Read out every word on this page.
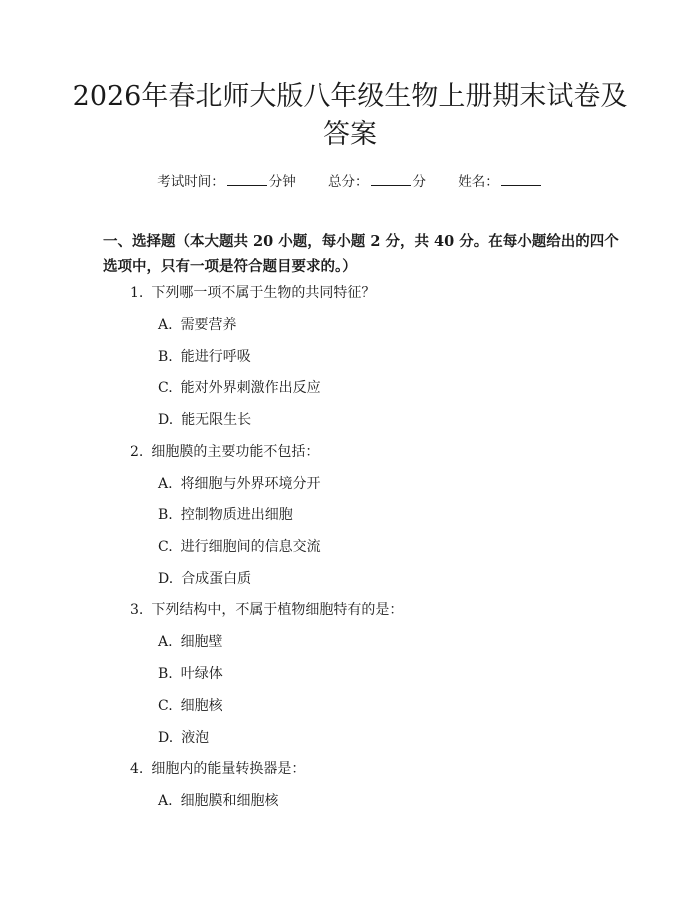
2026年春北师大版八年级生物上册期末试卷及答案
考试时间：	分钟 总分：	分 姓名：

一、选择题（本大题共 20 小题，每小题 2 分，共 40 分。在每小题给出的四个选项中，只有一项是符合题目要求的。）

1. 下列哪一项不属于生物的共同特征？
A. 需要营养
B. 能进行呼吸
C. 能对外界刺激作出反应
D. 能无限生长
2. 细胞膜的主要功能不包括：
A. 将细胞与外界环境分开
B. 控制物质进出细胞
C. 进行细胞间的信息交流
D. 合成蛋白质
3. 下列结构中，不属于植物细胞特有的是：
A. 细胞壁
B. 叶绿体
C. 细胞核
D. 液泡
4. 细胞内的能量转换器是：
A. 细胞膜和细胞核
